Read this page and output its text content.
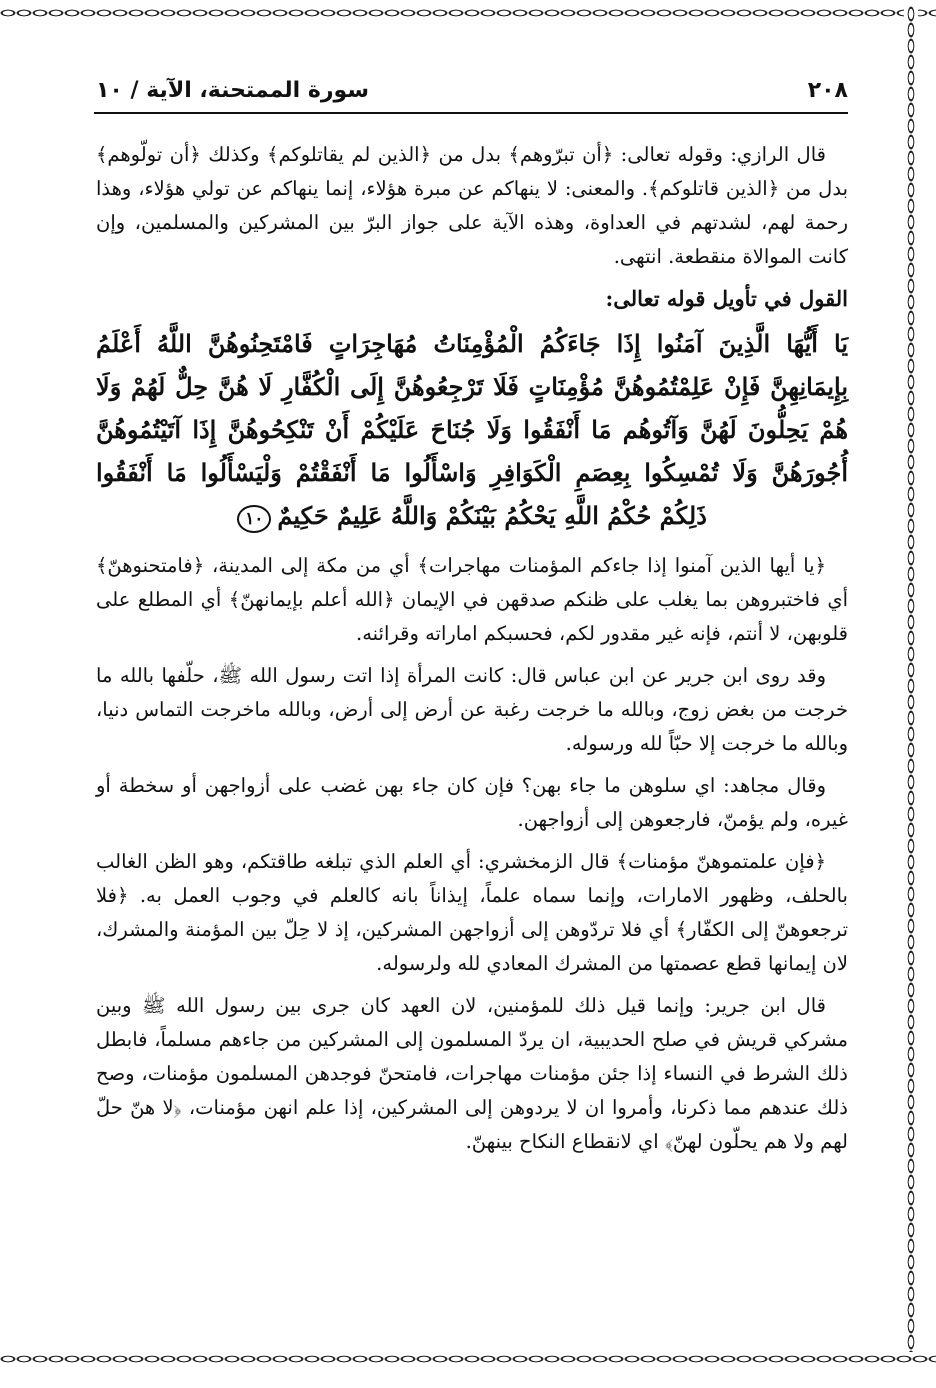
٢٠٨
سورة الممتحنة، الآية / ١٠

قال الرازي: وقوله تعالى: ﴿أن تبرّوهم﴾ بدل من ﴿الذين لم يقاتلوكم﴾ وكذلك ﴿أن تولّوهم﴾ بدل من ﴿الذين قاتلوكم﴾. والمعنى: لا ينهاكم عن مبرة هؤلاء، إنما ينهاكم عن تولي هؤلاء، وهذا رحمة لهم، لشدتهم في العداوة، وهذه الآية على جواز البرّ بين المشركين والمسلمين، وإن كانت الموالاة منقطعة. انتهى.

القول في تأويل قوله تعالى:

يَا أَيُّهَا الَّذِينَ آمَنُوا إِذَا جَاءَكُمُ الْمُؤْمِنَاتُ مُهَاجِرَاتٍ فَامْتَحِنُوهُنَّ اللَّهُ أَعْلَمُ بِإِيمَانِهِنَّ فَإِنْ عَلِمْتُمُوهُنَّ مُؤْمِنَاتٍ فَلَا تَرْجِعُوهُنَّ إِلَى الْكُفَّارِ لَا هُنَّ حِلٌّ لَهُمْ وَلَا هُمْ يَحِلُّونَ لَهُنَّ وَآتُوهُم مَا أَنْفَقُوا وَلَا جُنَاحَ عَلَيْكُمْ أَنْ تَنْكِحُوهُنَّ إِذَا آتَيْتُمُوهُنَّ أُجُورَهُنَّ وَلَا تُمْسِكُوا بِعِصَمِ الْكَوَافِرِ وَاسْأَلُوا مَا أَنْفَقْتُمْ وَلْيَسْأَلُوا مَا أَنْفَقُوا ذَلِكُمْ حُكْمُ اللَّهِ يَحْكُمُ بَيْنَكُمْ وَاللَّهُ عَلِيمٌ حَكِيمٌ١٠

﴿يا أيها الذين آمنوا إذا جاءكم المؤمنات مهاجرات﴾ أي من مكة إلى المدينة، ﴿فامتحنوهنّ﴾ أي فاختبروهن بما يغلب على ظنكم صدقهن في الإيمان ﴿الله أعلم بإيمانهنّ﴾ أي المطلع على قلوبهن، لا أنتم، فإنه غير مقدور لكم، فحسبكم اماراته وقرائنه.

وقد روى ابن جرير عن ابن عباس قال: كانت المرأة إذا اتت رسول الله ﷺ، حلّفها بالله ما خرجت من بغض زوج، وبالله ما خرجت رغبة عن أرض إلى أرض، وبالله ماخرجت التماس دنيا، وبالله ما خرجت إلا حبّاً لله ورسوله.

وقال مجاهد: اي سلوهن ما جاء بهن؟ فإن كان جاء بهن غضب على أزواجهن أو سخطة أو غيره، ولم يؤمنّ، فارجعوهن إلى أزواجهن.

﴿فإن علمتموهنّ مؤمنات﴾ قال الزمخشري: أي العلم الذي تبلغه طاقتكم، وهو الظن الغالب بالحلف، وظهور الامارات، وإنما سماه علماً، إيذاناً بانه كالعلم في وجوب العمل به. ﴿فلا ترجعوهنّ إلى الكفّار﴾ أي فلا تردّوهن إلى أزواجهن المشركين، إذ لا حِلّ بين المؤمنة والمشرك، لان إيمانها قطع عصمتها من المشرك المعادي لله ولرسوله.

قال ابن جرير: وإنما قيل ذلك للمؤمنين، لان العهد كان جرى بين رسول الله ﷺ وبين مشركي قريش في صلح الحديبية، ان يردّ المسلمون إلى المشركين من جاءهم مسلماً، فابطل ذلك الشرط في النساء إذا جئن مؤمنات مهاجرات، فامتحنّ فوجدهن المسلمون مؤمنات، وصح ذلك عندهم مما ذكرنا، وأمروا ان لا يردوهن إلى المشركين، إذا علم انهن مؤمنات، ﴿لا هنّ حلّ لهم ولا هم يحلّون لهنّ﴾ اي لانقطاع النكاح بينهنّ.
